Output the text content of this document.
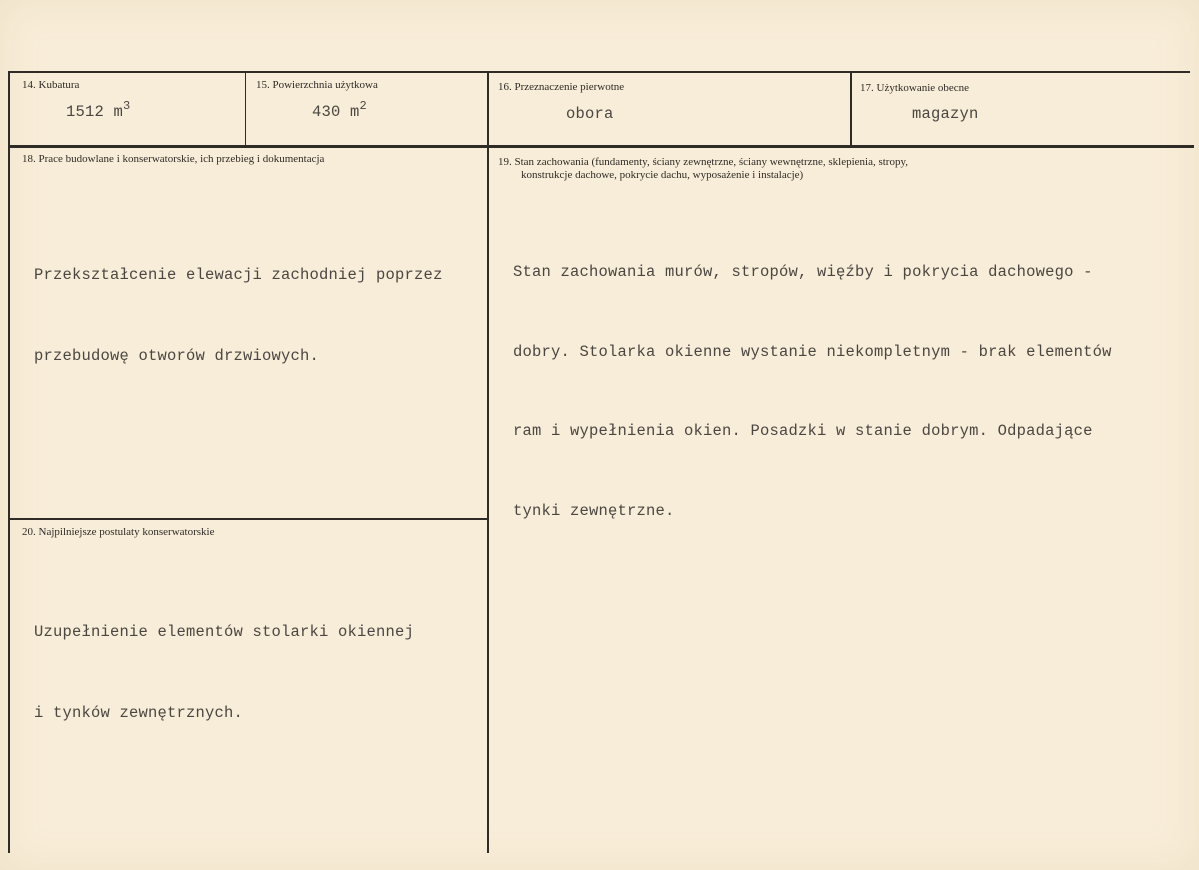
14. Kubatura
1512 $m^3$
15. Powierzchnia użytkowa
430 $m^2$
16. Przeznaczenie pierwotne
obora
17. Użytkowanie obecne
magazyn
18. Prace budowlane i konserwatorskie, ich przebieg i dokumentacja

Przekształcenie elewacji zachodniej poprzez

przebudowę otworów drzwiowych.

19. Stan zachowania (fundamenty, ściany zewnętrzne, ściany wewnętrzne, sklepienia, stropy,
konstrukcje dachowe, pokrycie dachu, wyposażenie i instalacje)

Stan zachowania murów, stropów, więźby i pokrycia dachowego -

dobry. Stolarka okienne wystanie niekompletnym - brak elementów

ram i wypełnienia okien. Posadzki w stanie dobrym. Odpadające

tynki zewnętrzne.

20. Najpilniejsze postulaty konserwatorskie

Uzupełnienie elementów stolarki okiennej

i tynków zewnętrznych.
